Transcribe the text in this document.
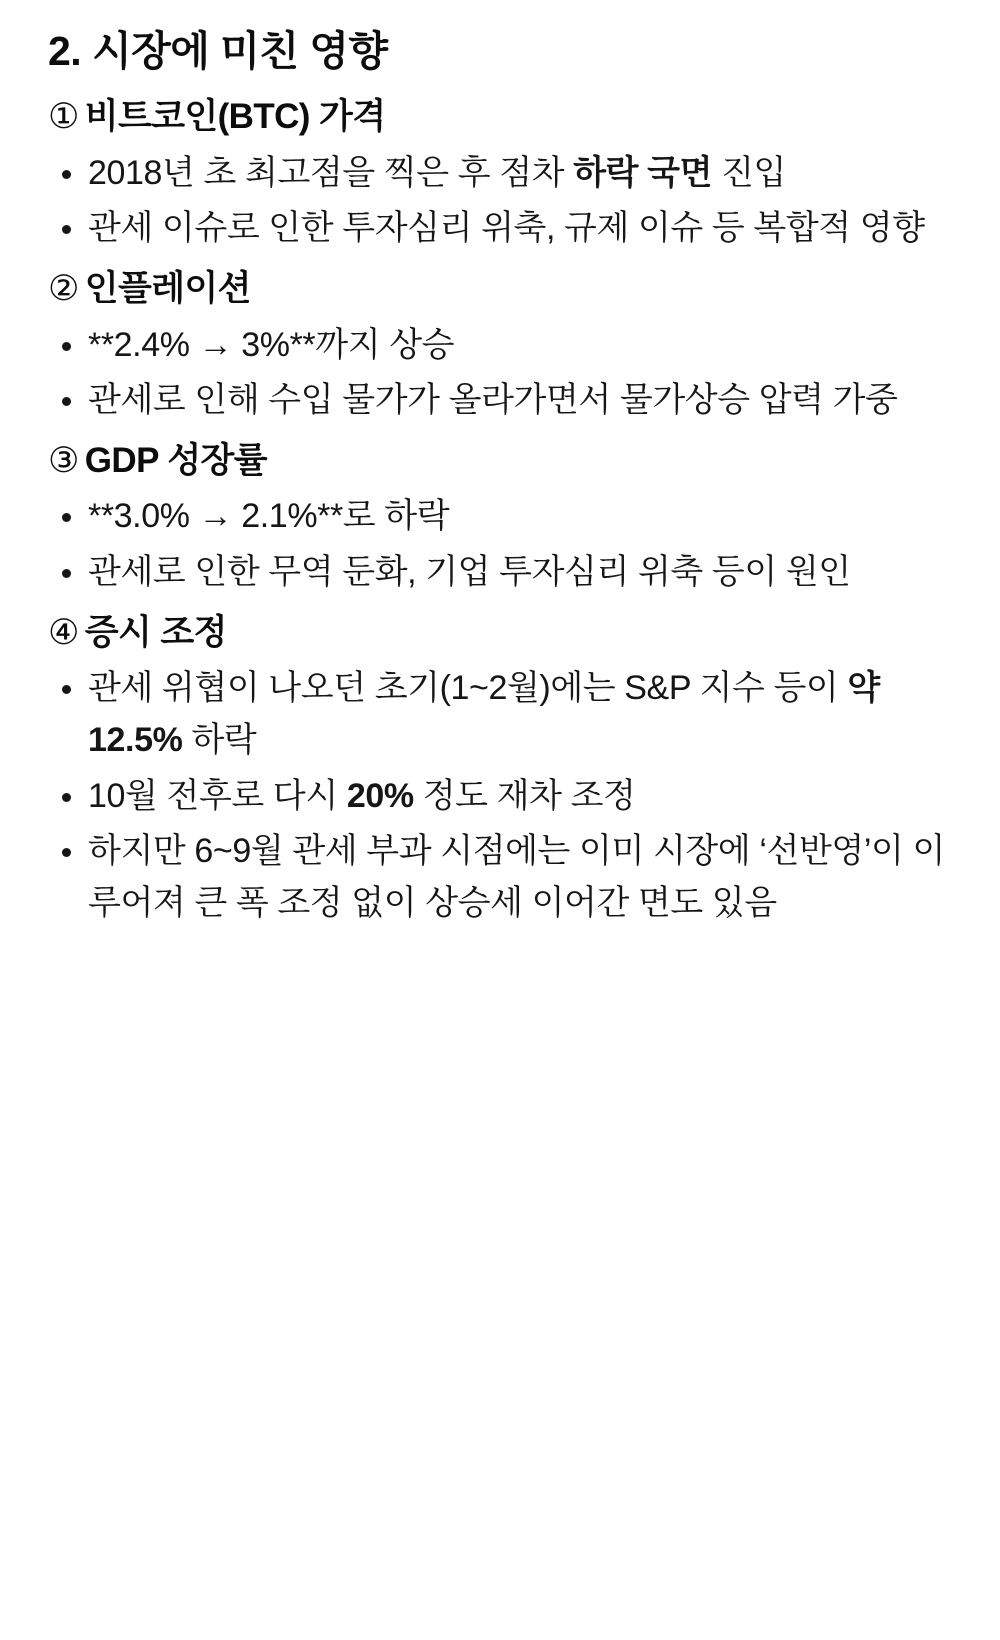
2. 시장에 미친 영향
① 비트코인(BTC) 가격
2018년 초 최고점을 찍은 후 점차 하락 국면 진입
관세 이슈로 인한 투자심리 위축, 규제 이슈 등 복합적 영향
② 인플레이션
**2.4% → 3%**까지 상승
관세로 인해 수입 물가가 올라가면서 물가상승 압력 가중
③ GDP 성장률
**3.0% → 2.1%**로 하락
관세로 인한 무역 둔화, 기업 투자심리 위축 등이 원인
④ 증시 조정
관세 위협이 나오던 초기(1~2월)에는 S&P 지수 등이 약 12.5% 하락
10월 전후로 다시 20% 정도 재차 조정
하지만 6~9월 관세 부과 시점에는 이미 시장에 ‘선반영’이 이루어져 큰 폭 조정 없이 상승세 이어간 면도 있음
